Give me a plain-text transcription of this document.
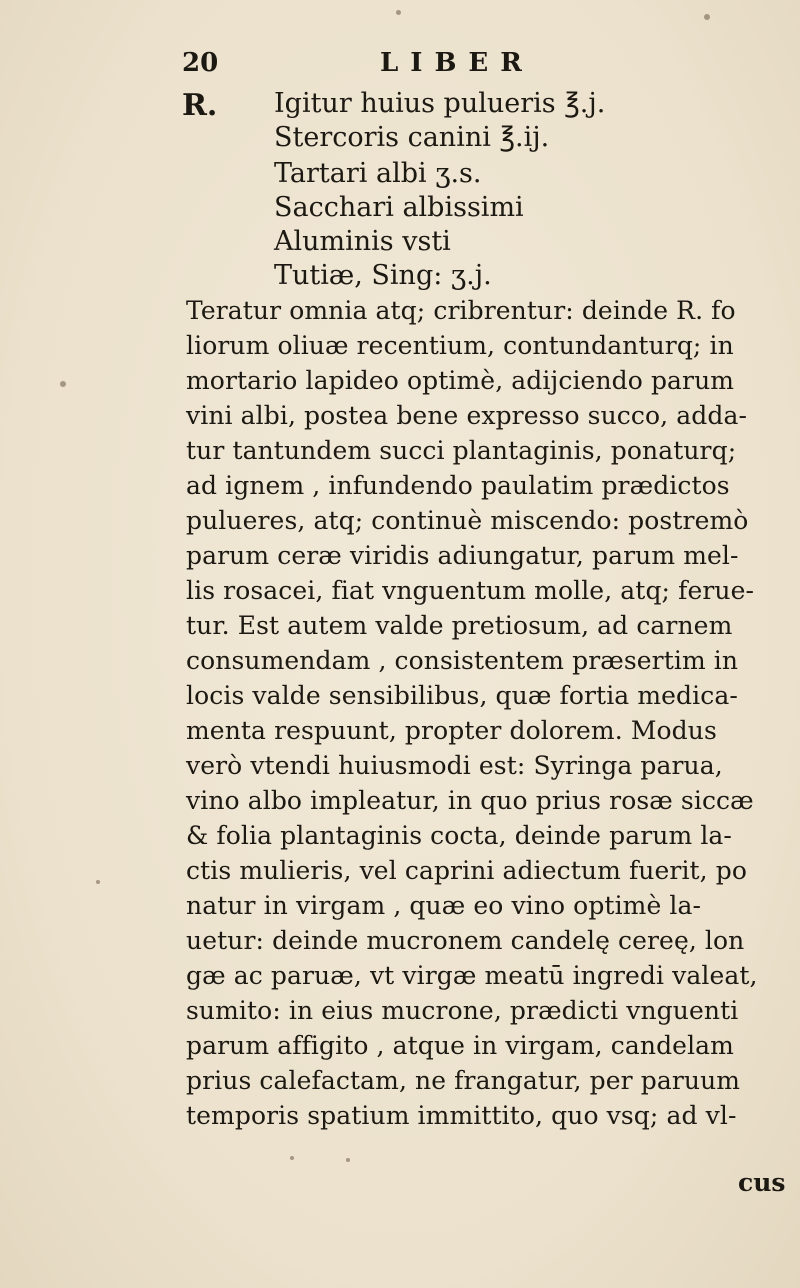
20	LIBER
R. Igitur huius pulueris ℥.j.
Stercoris canini ℥.ij.
Tartari albi ʒ.s.
Sacchari albissimi
Aluminis vsti
Tutiæ, Sing: ʒ.j.
Teratur omnia atq; cribrentur: deinde R. fo
liorum oliuæ recentium, contundanturq; in
mortario lapideo optimè, adijciendo parum
vini albi, postea bene expresso succo, adda-
tur tantundem succi plantaginis, ponaturq;
ad ignem , infundendo paulatim prædictos
pulueres, atq; continuè miscendo: postremò
parum ceræ viridis adiungatur, parum mel-
lis rosacei, fiat vnguentum molle, atq; ferue-
tur. Est autem valde pretiosum, ad carnem
consumendam , consistentem præsertim in
locis valde sensibilibus, quæ fortia medica-
menta respuunt, propter dolorem. Modus
verò vtendi huiusmodi est: Syringa parua,
vino albo impleatur, in quo prius rosæ siccæ
& folia plantaginis cocta, deinde parum la-
ctis mulieris, vel caprini adiectum fuerit, po
natur in virgam , quæ eo vino optimè la-
uetur: deinde mucronem candelę cereę, lon
gæ ac paruæ, vt virgæ meatū ingredi valeat,
sumito: in eius mucrone, prædicti vnguenti
parum affigito , atque in virgam, candelam
prius calefactam, ne frangatur, per paruum
temporis spatium immittito, quo vsq; ad vl-
cus
